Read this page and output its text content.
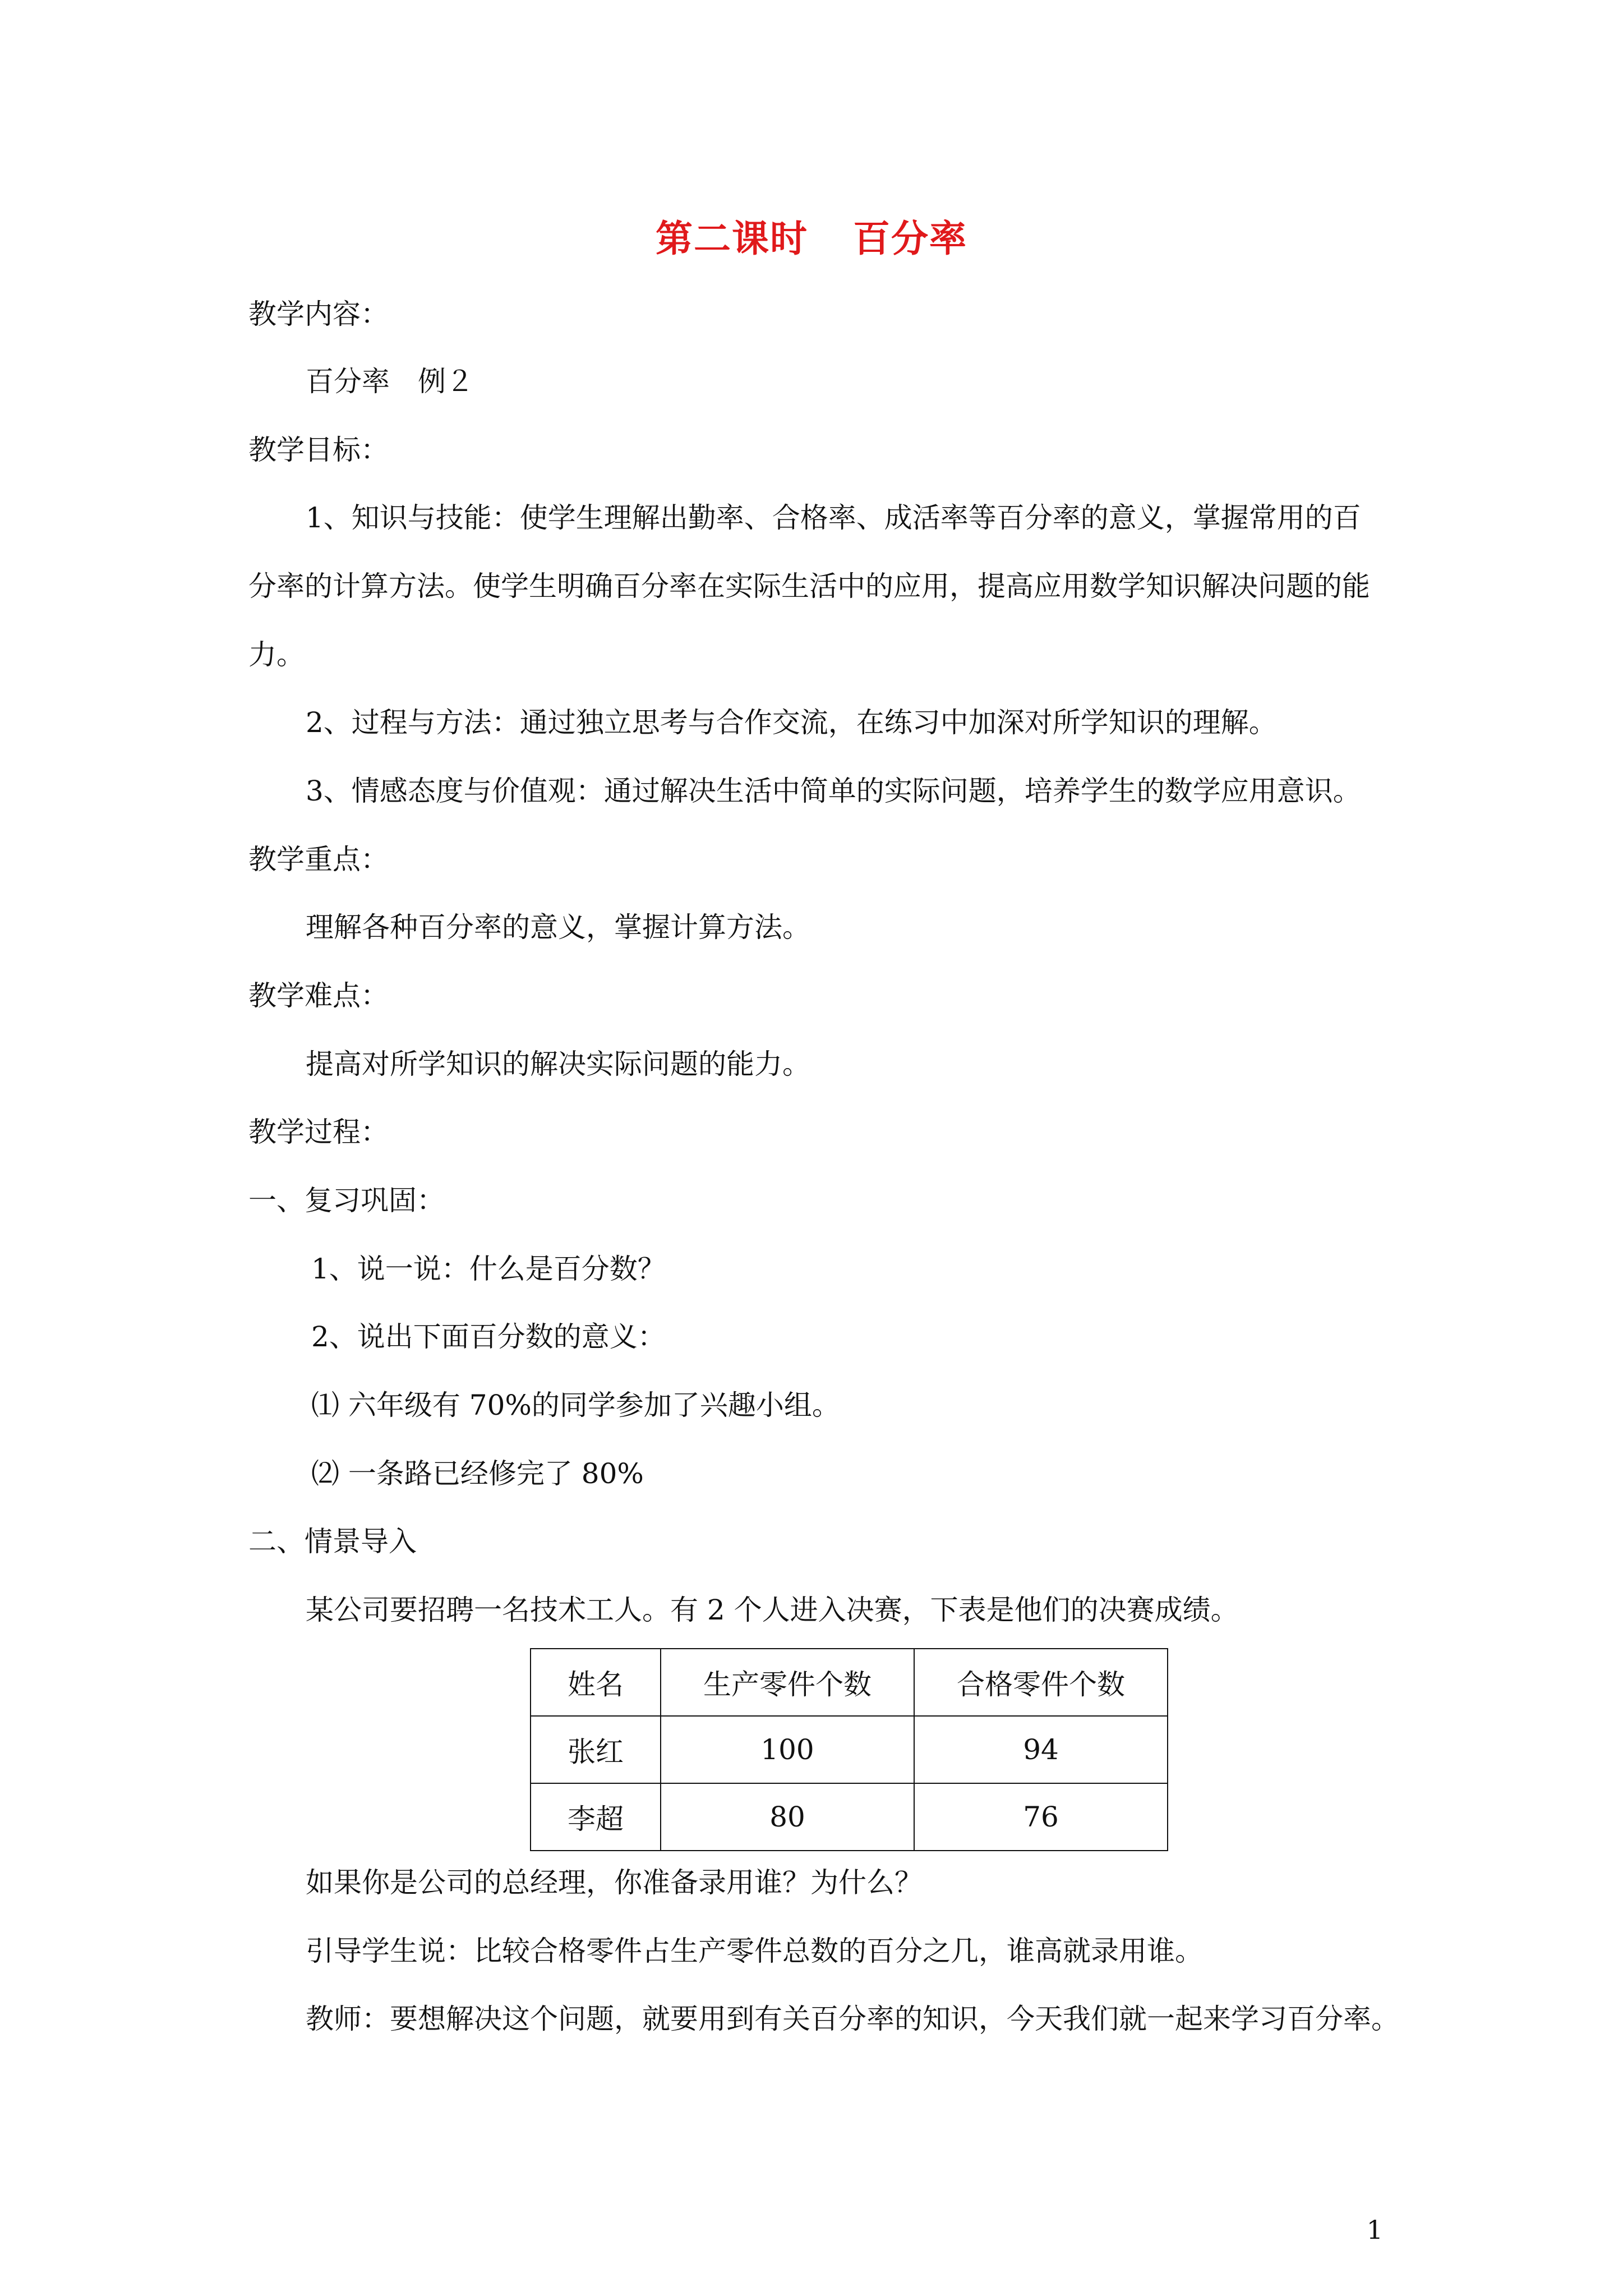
第二课时 百分率
教学内容：
百分率　例２
教学目标：
1、知识与技能：使学生理解出勤率、合格率、成活率等百分率的意义，掌握常用的百
分率的计算方法。使学生明确百分率在实际生活中的应用，提高应用数学知识解决问题的能
力。
2、过程与方法：通过独立思考与合作交流，在练习中加深对所学知识的理解。
3、情感态度与价值观：通过解决生活中简单的实际问题，培养学生的数学应用意识。
教学重点：
理解各种百分率的意义，掌握计算方法。
教学难点：
提高对所学知识的解决实际问题的能力。
教学过程：
一、复习巩固：
1、说一说：什么是百分数？
2、说出下面百分数的意义：
⑴ 六年级有 70%的同学参加了兴趣小组。
⑵ 一条路已经修完了 80%
二、情景导入
某公司要招聘一名技术工人。有 2 个人进入决赛，下表是他们的决赛成绩。
姓名	生产零件个数	合格零件个数
张红	100	94
李超	80	76
如果你是公司的总经理，你准备录用谁？为什么？
引导学生说：比较合格零件占生产零件总数的百分之几，谁高就录用谁。
教师：要想解决这个问题，就要用到有关百分率的知识，今天我们就一起来学习百分率。
1
